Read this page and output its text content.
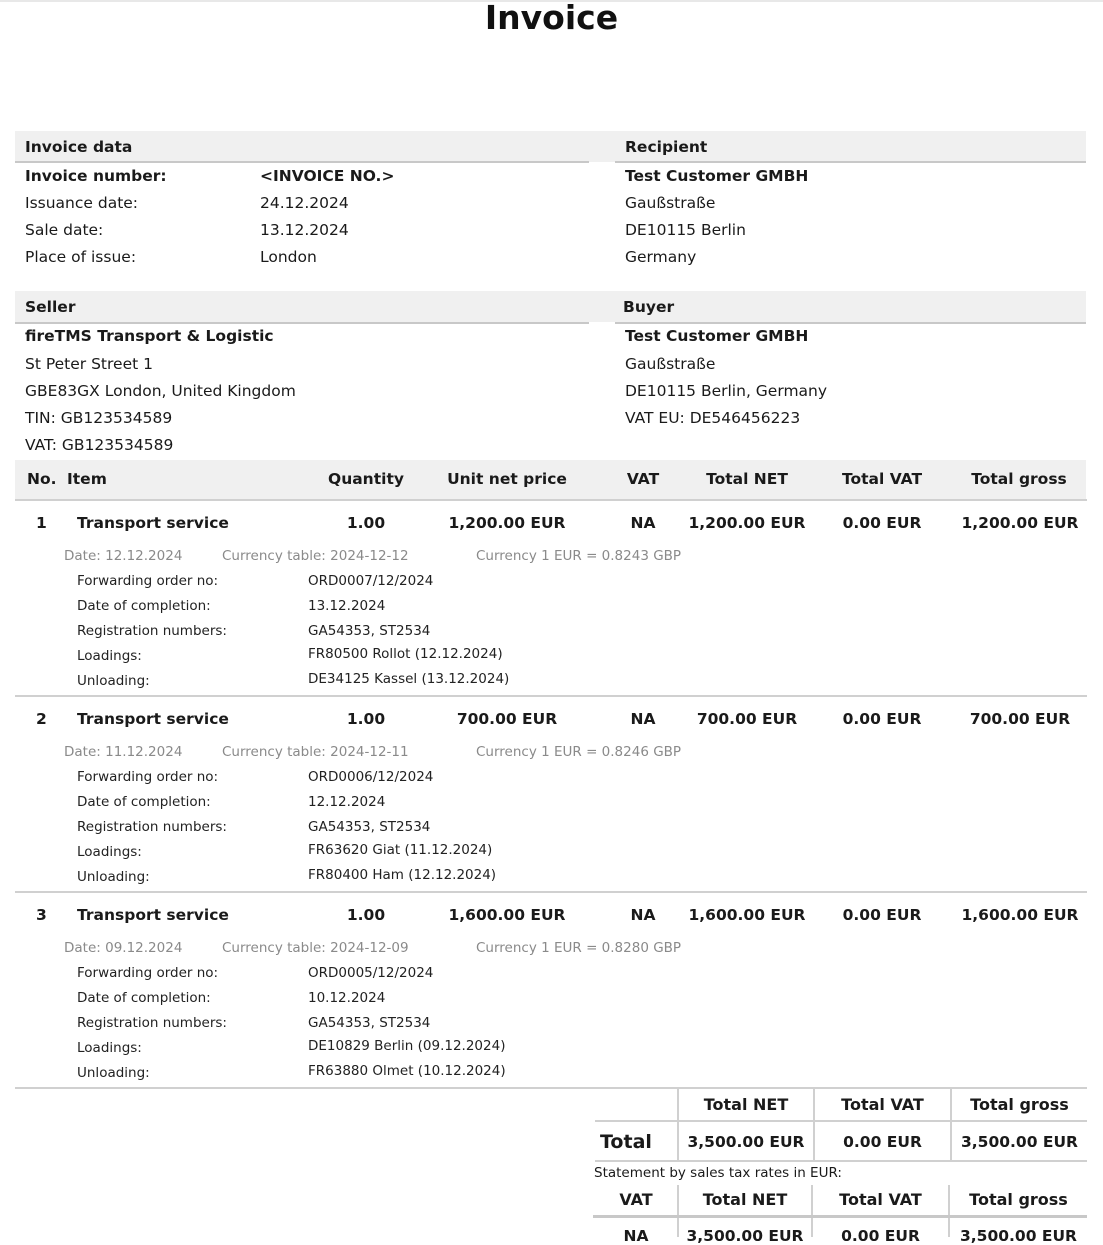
Invoice
Invoice data	Recipient
Invoice number:	<INVOICE NO.>
Issuance date:	24.12.2024
Sale date:	13.12.2024
Place of issue:	London
Test Customer GMBH
Gaußstraße
DE10115 Berlin
Germany
Seller	Buyer
fireTMS Transport & Logistic
St Peter Street 1
GBE83GX London, United Kingdom
TIN: GB123534589
VAT: GB123534589
Test Customer GMBH
Gaußstraße
DE10115 Berlin, Germany
VAT EU: DE546456223
No. Item	Quantity	Unit net price	VAT	Total NET	Total VAT	Total gross
1 Transport service	1.00	1,200.00 EUR	NA	1,200.00 EUR	0.00 EUR	1,200.00 EUR
Date: 12.12.2024	Currency table: 2024-12-12	Currency 1 EUR = 0.8243 GBP
Forwarding order no:	ORD0007/12/2024
Date of completion:	13.12.2024
Registration numbers:	GA54353, ST2534
Loadings:	FR80500 Rollot (12.12.2024)
Unloading:	DE34125 Kassel (13.12.2024)
2 Transport service	1.00	700.00 EUR	NA	700.00 EUR	0.00 EUR	700.00 EUR
Date: 11.12.2024	Currency table: 2024-12-11	Currency 1 EUR = 0.8246 GBP
Forwarding order no:	ORD0006/12/2024
Date of completion:	12.12.2024
Registration numbers:	GA54353, ST2534
Loadings:	FR63620 Giat (11.12.2024)
Unloading:	FR80400 Ham (12.12.2024)
3 Transport service	1.00	1,600.00 EUR	NA	1,600.00 EUR	0.00 EUR	1,600.00 EUR
Date: 09.12.2024	Currency table: 2024-12-09	Currency 1 EUR = 0.8280 GBP
Forwarding order no:	ORD0005/12/2024
Date of completion:	10.12.2024
Registration numbers:	GA54353, ST2534
Loadings:	DE10829 Berlin (09.12.2024)
Unloading:	FR63880 Olmet (10.12.2024)
Total NET	Total VAT	Total gross
Total	3,500.00 EUR	0.00 EUR	3,500.00 EUR
Statement by sales tax rates in EUR:
VAT	Total NET	Total VAT	Total gross
NA	3,500.00 EUR	0.00 EUR	3,500.00 EUR
